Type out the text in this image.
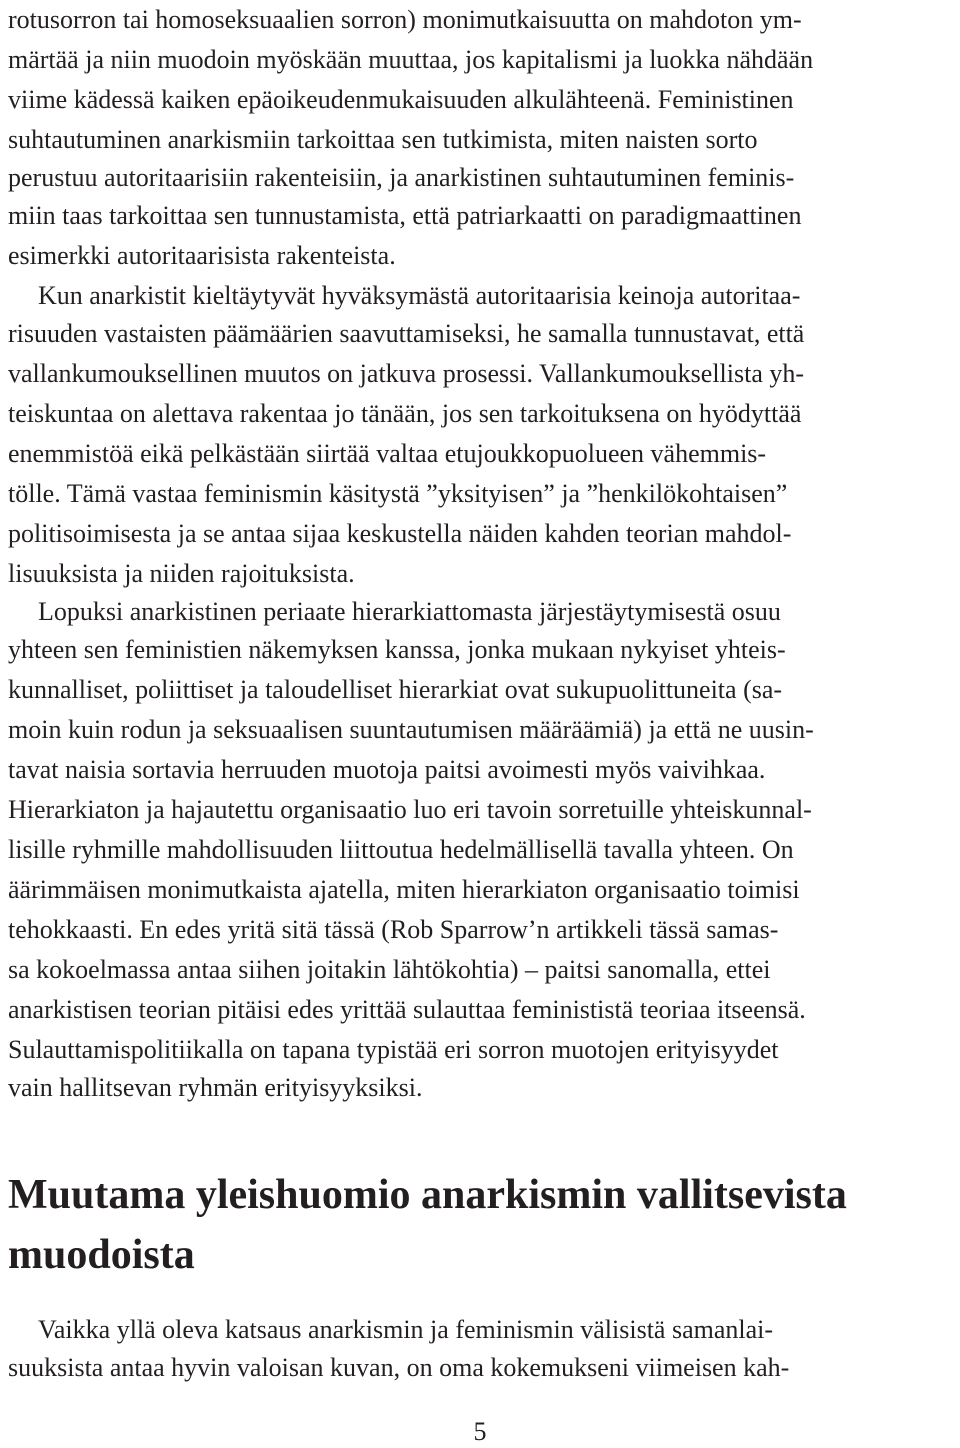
rotusorron tai homoseksuaalien sorron) monimutkaisuutta on mahdoton ym-
märtää ja niin muodoin myöskään muuttaa, jos kapitalismi ja luokka nähdään
viime kädessä kaiken epäoikeudenmukaisuuden alkulähteenä. Feministinen
suhtautuminen anarkismiin tarkoittaa sen tutkimista, miten naisten sorto
perustuu autoritaarisiin rakenteisiin, ja anarkistinen suhtautuminen feminis-
miin taas tarkoittaa sen tunnustamista, että patriarkaatti on paradigmaattinen
esimerkki autoritaarisista rakenteista.
Kun anarkistit kieltäytyvät hyväksymästä autoritaarisia keinoja autoritaa-
risuuden vastaisten päämäärien saavuttamiseksi, he samalla tunnustavat, että
vallankumouksellinen muutos on jatkuva prosessi. Vallankumouksellista yh-
teiskuntaa on alettava rakentaa jo tänään, jos sen tarkoituksena on hyödyttää
enemmistöä eikä pelkästään siirtää valtaa etujoukkopuolueen vähemmis-
tölle. Tämä vastaa feminismin käsitystä ”yksityisen” ja ”henkilökohtaisen”
politisoimisesta ja se antaa sijaa keskustella näiden kahden teorian mahdol-
lisuuksista ja niiden rajoituksista.
Lopuksi anarkistinen periaate hierarkiattomasta järjestäytymisestä osuu
yhteen sen feministien näkemyksen kanssa, jonka mukaan nykyiset yhteis-
kunnalliset, poliittiset ja taloudelliset hierarkiat ovat sukupuolittuneita (sa-
moin kuin rodun ja seksuaalisen suuntautumisen määräämiä) ja että ne uusin-
tavat naisia sortavia herruuden muotoja paitsi avoimesti myös vaivihkaa.
Hierarkiaton ja hajautettu organisaatio luo eri tavoin sorretuille yhteiskunnal-
lisille ryhmille mahdollisuuden liittoutua hedelmällisellä tavalla yhteen. On
äärimmäisen monimutkaista ajatella, miten hierarkiaton organisaatio toimisi
tehokkaasti. En edes yritä sitä tässä (Rob Sparrow’n artikkeli tässä samas-
sa kokoelmassa antaa siihen joitakin lähtökohtia) – paitsi sanomalla, ettei
anarkistisen teorian pitäisi edes yrittää sulauttaa feminististä teoriaa itseensä.
Sulauttamispolitiikalla on tapana typistää eri sorron muotojen erityisyydet
vain hallitsevan ryhmän erityisyyksiksi.
Muutama yleishuomio anarkismin vallitsevista
muodoista
Vaikka yllä oleva katsaus anarkismin ja feminismin välisistä samanlai-
suuksista antaa hyvin valoisan kuvan, on oma kokemukseni viimeisen kah-
5
